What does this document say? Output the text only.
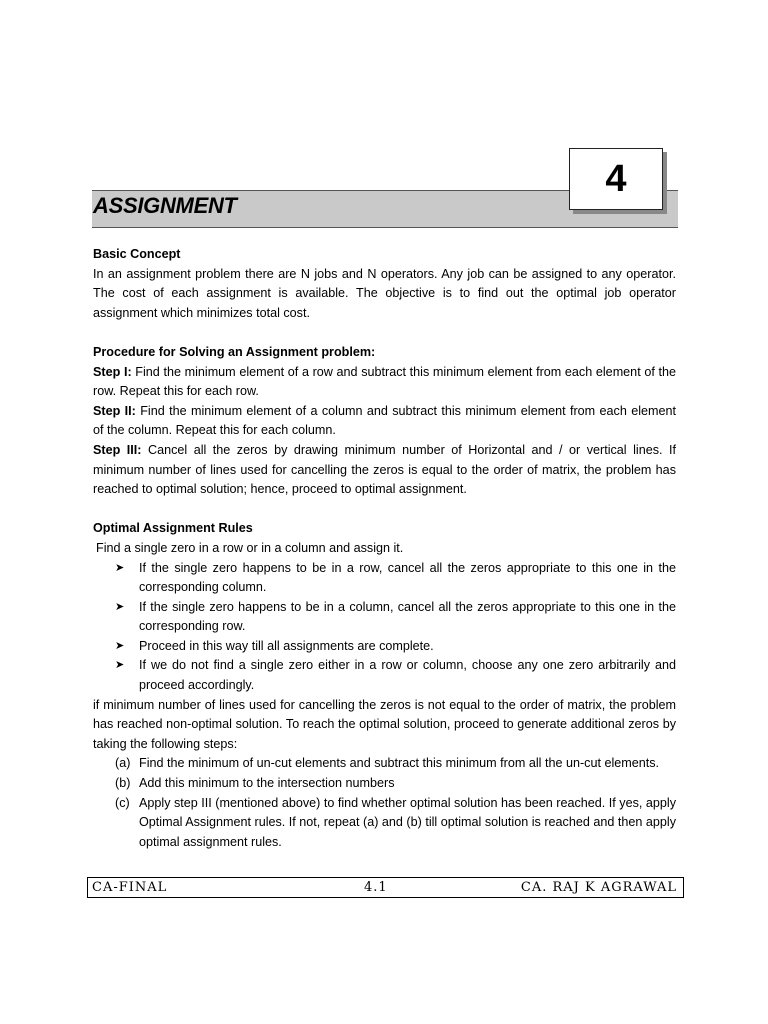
ASSIGNMENT
4

Basic Concept

In an assignment problem there are N jobs and N operators. Any job can be assigned to any operator. The cost of each assignment is available. The objective is to find out the optimal job operator assignment which minimizes total cost.

Procedure for Solving an Assignment problem:

Step I: Find the minimum element of a row and subtract this minimum element from each element of the row. Repeat this for each row.

Step II: Find the minimum element of a column and subtract this minimum element from each element of the column. Repeat this for each column.

Step III: Cancel all the zeros by drawing minimum number of Horizontal and / or vertical lines. If minimum number of lines used for cancelling the zeros is equal to the order of matrix, the problem has reached to optimal solution; hence, proceed to optimal assignment.

Optimal Assignment Rules

Find a single zero in a row or in a column and assign it.

➤ If the single zero happens to be in a row, cancel all the zeros appropriate to this one in the corresponding column.
➤ If the single zero happens to be in a column, cancel all the zeros appropriate to this one in the corresponding row.
➤ Proceed in this way till all assignments are complete.
➤ If we do not find a single zero either in a row or column, choose any one zero arbitrarily and proceed accordingly.

if minimum number of lines used for cancelling the zeros is not equal to the order of matrix, the problem has reached non-optimal solution. To reach the optimal solution, proceed to generate additional zeros by taking the following steps:

(a) Find the minimum of un-cut elements and subtract this minimum from all the un-cut elements.
(b) Add this minimum to the intersection numbers
(c) Apply step III (mentioned above) to find whether optimal solution has been reached. If yes, apply Optimal Assignment rules. If not, repeat (a) and (b) till optimal solution is reached and then apply optimal assignment rules.
CA-FINAL	4.1	CA. RAJ K AGRAWAL
